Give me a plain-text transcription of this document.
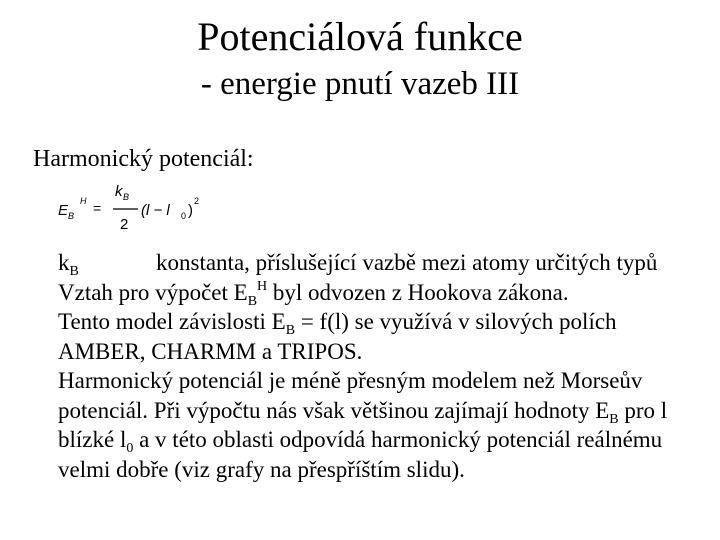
Potenciálová funkce
- energie pnutí vazeb III
Harmonický potenciál:
E B
H =
k B
2
(l − l 0 )
2

$k_B$	konstanta, příslušející vazbě mezi atomy určitých typů

Vztah pro výpočet $E_B^H$ byl odvozen z Hookova zákona.

Tento model závislosti $E_B = f(l)$ se využívá v silových polích AMBER, CHARMM a TRIPOS.

Harmonický potenciál je méně přesným modelem než Morseův potenciál. Při výpočtu nás však většinou zajímají hodnoty $E_B$ pro l blízké $l_0$ a v této oblasti odpovídá harmonický potenciál reálnému velmi dobře (viz grafy na přespříštím slidu).
